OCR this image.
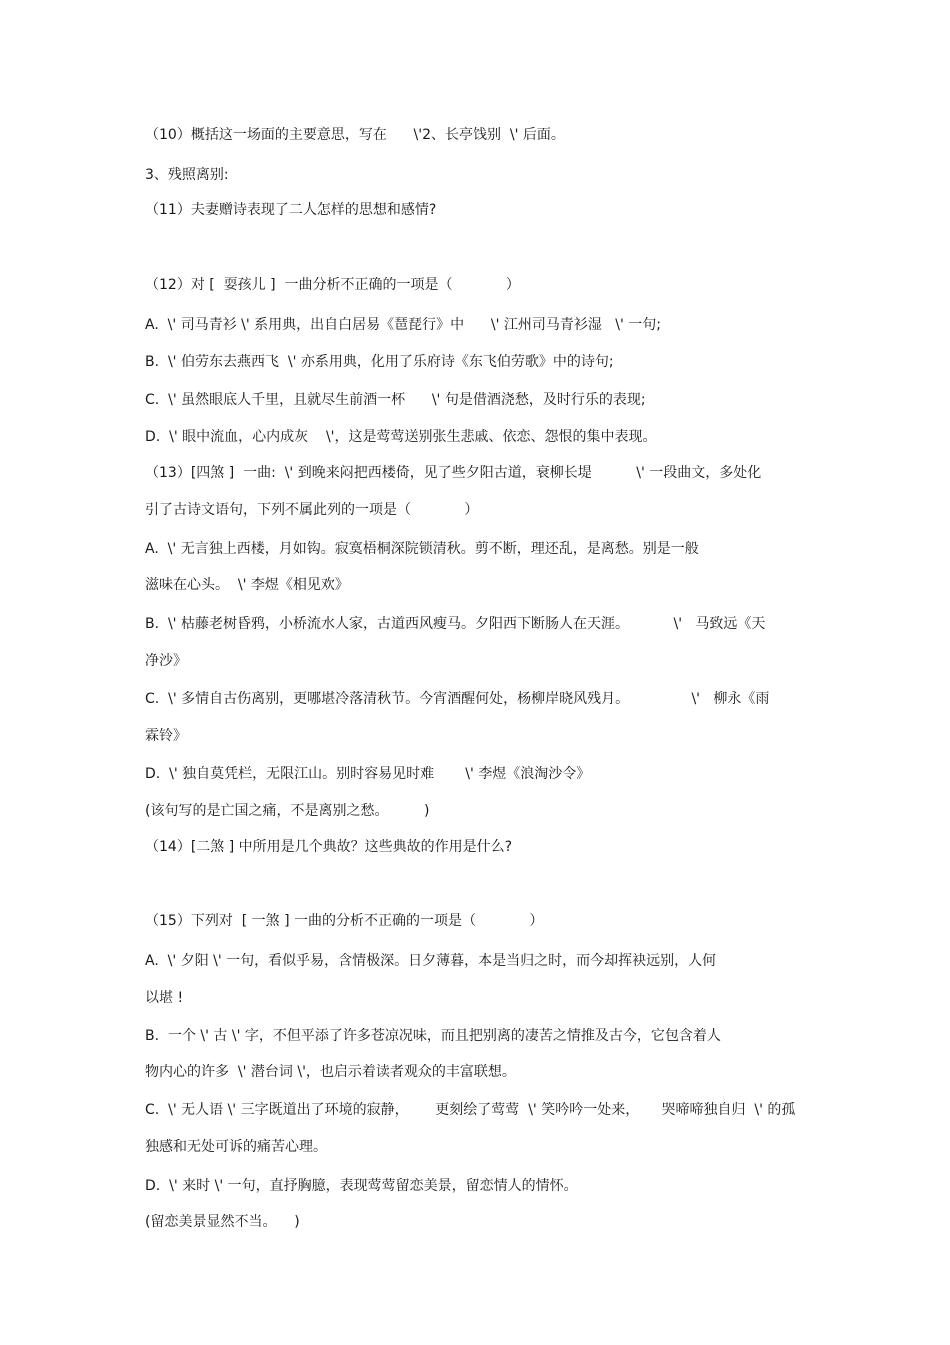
（10）概括这一场面的主要意思，写在      \'2、长亭饯别  \' 后面。

3、残照离别:

（11）夫妻赠诗表现了二人怎样的思想和感情?

（12）对 [  耍孩儿 ]  一曲分析不正确的一项是（            ）

A.  \' 司马青衫 \' 系用典，出自白居易《琶琵行》中      \' 江州司马青衫湿   \' 一句;

B.  \' 伯劳东去燕西飞  \' 亦系用典，化用了乐府诗《东飞伯劳歌》中的诗句;

C.  \' 虽然眼底人千里，且就尽生前酒一杯      \' 句是借酒浇愁，及时行乐的表现;

D.  \' 眼中流血，心内成灰    \'，这是莺莺送别张生悲戚、依恋、怨恨的集中表现。

（13）[四煞 ]  一曲:  \' 到晚来闷把西楼倚，见了些夕阳古道，衰柳长堤          \' 一段曲文，多处化

引了古诗文语句，下列不属此列的一项是（            ）

A.  \' 无言独上西楼，月如钩。寂寞梧桐深院锁清秋。剪不断，理还乱，是离愁。别是一般

滋味在心头。  \' 李煜《相见欢》

B.  \' 枯藤老树昏鸦，小桥流水人家，古道西风瘦马。夕阳西下断肠人在天涯。          \'   马致远《天

净沙》

C.  \' 多情自古伤离别，更哪堪冷落清秋节。今宵酒醒何处，杨柳岸晓风残月。              \'   柳永《雨

霖铃》

D.  \' 独自莫凭栏，无限江山。别时容易见时难       \' 李煜《浪淘沙令》

(该句写的是亡国之痛，不是离别之愁。        )

（14）[二煞 ] 中所用是几个典故？这些典故的作用是什么?

（15）下列对  [ 一煞 ] 一曲的分析不正确的一项是（            ）

A.  \' 夕阳 \' 一句，看似乎易，含情极深。日夕薄暮，本是当归之时，而今却挥袂远别，人何

以堪 !

B.  一个 \' 古 \' 字，不但平添了许多苍凉况味，而且把别离的凄苦之情推及古今，它包含着人

物内心的许多  \' 潜台词 \'，也启示着读者观众的丰富联想。

C.  \' 无人语 \' 三字既道出了环境的寂静，      更刻绘了莺莺  \' 笑吟吟一处来，     哭啼啼独自归  \' 的孤

独感和无处可诉的痛苦心理。

D.  \' 来时 \' 一句，直抒胸臆，表现莺莺留恋美景，留恋情人的情怀。

(留恋美景显然不当。    )
